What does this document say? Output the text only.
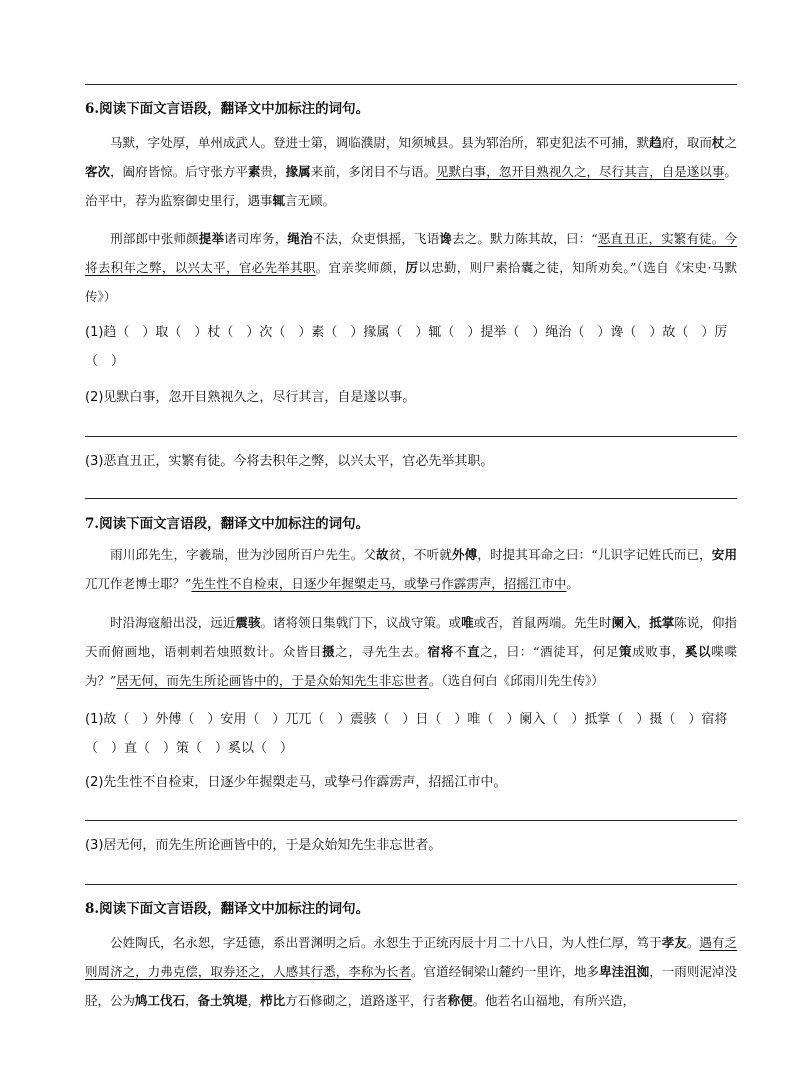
6.阅读下面文言语段，翻译文中加标注的词句。
马默，字处厚，单州成武人。登进士第，调临濮尉，知须城县。县为郓治所，郓吏犯法不可捕，默趋府，取而杖之客次，阖府皆惊。后守张方平素贵，掾属来前，多闭目不与语。见默白事，忽开目熟视久之，尽行其言，自是遂以事。治平中，荐为监察御史里行，遇事辄言无顾。
刑部郎中张师颜提举诸司库务，绳治不法，众吏惧摇，飞语谗去之。默力陈其故，曰：“恶直丑正，实繁有徒。今将去积年之弊，以兴太平，官必先举其职。宜亲奖师颜，厉以忠勤，则尸素拾囊之徒，知所劝矣。”（选自《宋史·马默传》）
(1)趋（　）取（　）杖（　）次（　）素（　）掾属（　）辄（　）提举（　）绳治（　）谗（　）故（　）厉（　）
(2)见默白事，忽开目熟视久之，尽行其言，自是遂以事。
(3)恶直丑正，实繁有徒。今将去积年之弊，以兴太平，官必先举其职。
7.阅读下面文言语段，翻译文中加标注的词句。
雨川邱先生，字羲瑞，世为沙园所百户先生。父故贫，不听就外傅，时提其耳命之曰：“儿识字记姓氏而已，安用兀兀作老博士耶？”先生性不自检束，日逐少年握槊走马，或挚弓作霹雳声，招摇江市中。
时沿海寇船出没，远近震骇。诸将领日集戟门下，议战守策。或唯或否，首鼠两端。先生时阑入，抵掌陈说，仰指天而俯画地，语刺刺若烛照数计。众皆目摄之，寻先生去。宿将不直之，曰：“酒徒耳，何足策成败事，奚以喋喋为？”居无何，而先生所论画皆中的，于是众始知先生非忘世者。（选自何白《邱雨川先生传》）
(1)故（　）外傅（　）安用（　）兀兀（　）震骇（　）日（　）唯（　）阑入（　）抵掌（　）摄（　）宿将（　）直（　）策（　）奚以（　）
(2)先生性不自检束，日逐少年握槊走马，或挚弓作霹雳声，招摇江市中。
(3)居无何，而先生所论画皆中的，于是众始知先生非忘世者。
8.阅读下面文言语段，翻译文中加标注的词句。
公姓陶氏，名永恕，字廷德，系出晋渊明之后。永恕生于正统丙辰十月二十八日，为人性仁厚，笃于孝友。遇有乏则周济之，力弗克偿，取券还之，人感其行悉，李称为长者。官道经铜梁山麓约一里许，地多卑洼沮洳，一雨则泥淖没胫，公为鸠工伐石，备土筑堤，栉比方石修砌之，道路遂平，行者称便。他若名山福地，有所兴造，
